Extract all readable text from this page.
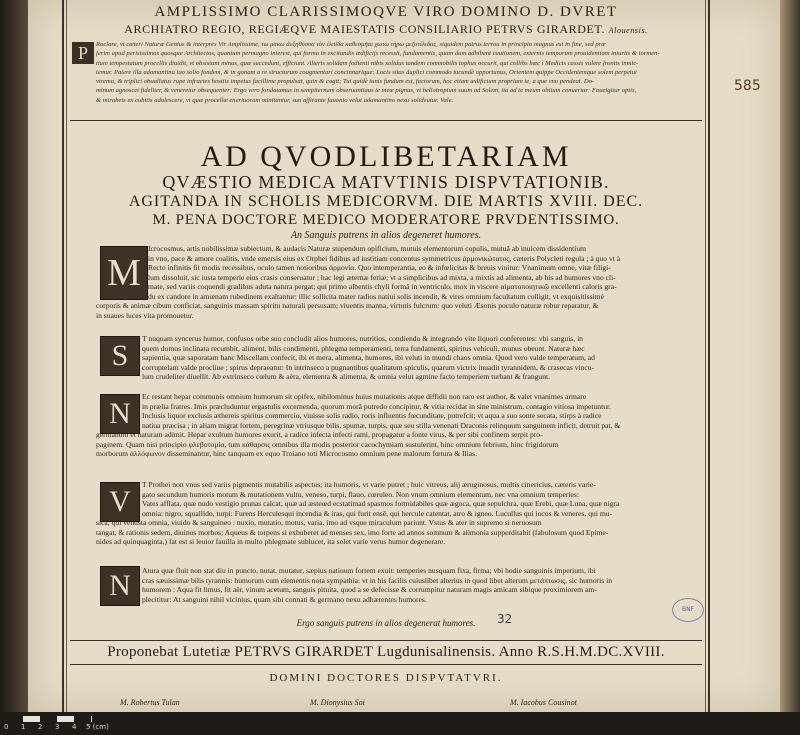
AMPLISSIMO CLARISSIMOQVE VIRO DOMINO D. DVRET
ARCHIATRO REGIO, REGIÆQVE MAIESTATIS CONSILIARIO PETRVS GIRARDET. Alouensis.
P	Raclare, vt cæteri Naturæ Genius & interpres Vir Amplissime, τω μακω ἀεξηθύσσα τὸν ἐλπίδα καθεσμῆαι χωτω τὴρω μεζοτέλιδας, siquidem patrus terrou in principio magnus est in fine, sed præ
ferim apud perisissimos quosque Architectos, quantum permagno interest, qui forma in excitandis ædificijs recessit, fundamentis, quam dum adhibent cautionem, externis temporum prouidentiam iniuriis & tormen-
tium tempestatum procellis diuidit, vt obsistant minus, quæ succedunt, efficiunt. Alteris solidam fodienti nibis solidus tandem commobilis tophus occurit, qui collibs hæc ì Medicis cassis vulere frontis inmic-
temur. Patere illa adamantina tuo solio fondem, & in gonam a re structurum coagmentari concinnarique: Locis sitas duplici commodo iucundè opportunus, Orientem quippe Occidentemque solem perpetui
vtremo, & triplici obuallatus rupe infractes hostiis impetus facillime propulsat, quin & cogit; Tui quidè iunis fundum est, factorum, hoc etiam ædificium propriam te, a que vno pendeat. Do-
minum agnoscet fideliter, & veneretur obsequenter: Ergo vero fondatamus in sempiternam obseruantiaus te meæ pignus, vt heliotropium suum ad Solem, ita ad te meum obitum conuertar: Faueigitur optis,
& mirabeis ex cubitis adolescere, vt quæ procellæ eneriuoram minitantur, suo affirante fauonio velut adamantino nexu solideutur. Vale.
585
AD QVODLIBETARIAM
QVÆSTIO MEDICA MATVTINIS DISPVTATIONIB.
AGITANDA IN SCHOLIS MEDICORVM. DIE MARTIS XVIII. DEC.
M. PENA DOCTORE MEDICO MODERATORE PRVDENTISSIMO.
An Sanguis putrens in alios degeneret humores.
M
Icrocosmus, artis nobilissimæ subiectum, & audacis Naturæ stupendum opificium, mutuis elementorum copulis, mutuâ ab inuicem dissidentium
in vno, pace & amore coalitis, vnde emersis eius ex Orphei fidibus ad iustitiam concentus symmetricus ἁρμονικώτατος, cæteris Polycleti regula ; à quo vt à
Recto infinitis fit modis recessibus, oculo tamen notioribus ἀρμονία. Quo intemperantia, eo & infœlicitas & breuis viuitur: Vnanimum omne, vitæ filigi-
lum dissoluit, sic iusta temperie eius crasis conseruatur ; hac legi æternæ feriæ; vt a simplicibus ad mixta, a mixtis ad alimenta, ab his ad humores vno cli-
mate, sed variis coquendi gradibus aduta natura pergat; qui primo albentis chyli formâ in ventriculo, mox in viscere αἱματοποιητικῷ excellenti caloris gra-
du ex candore in amœnam rubedinem exaltantur: illic sollicita mater radios natiui solis incendit, & vires omnium facultatum colligit, vt exquisitissimè
corporis & animæ cibum conficiat, sanguinis massam spiritu naturali persusam; viuentis manna, virtutis fulcrum: quo veluti Æsonis poculo naturæ robur reparatur, &
in suaues luces vita promouetur.
S
T nuquam syncerus humor, confusos orbe suo concludit alios humores, nutritios, condiendo & integrando vite liquori conferentes: vbi sanguis, in
quem domus inclinata recumbit, aliment, bilis condimenti, phlegma temperamenti, terra fundamenti, spiritus vehiculi, munus obeunt. Naturæ hæc
sapientia, quæ saporatam hanc Miscellam confecit, ibi et mera, alimenta, humores, ibi veluti in mundi chaos omnia. Quod vero valde temperatum, ad
corruptelam valde procliue ; spirus depraeatur: In intrinseco a pugnantibus qualitatum spiculis, quarum victrix inuadit tyrannidem, & crasecas vincu-
lum crudeliter diuellit. Ab extrinseco cœlum & aëra, elementa & alimenta, & omnia velut agmine facto temperiem turbant & frangunt.
N
Ec restant hepar communis omnium humorum sit opifex, nihilominus huius mutationis atque diffidii non raro est author, & valet vnanimes armare
in prælia fratres. Imis præcluduntur ergastulis excernenda, quorum morâ putredo concipitur, & vitia recidat in sine ministrum, contagio vitiosa impetuntur.
Inclusis liquor exclusis æthereis spiritus commercio, viuisse solis radio, roris influentis fœcunditate, putrefcit; vt aqua a suo sonte secata, stirps à radice
natiua præcisa ; in aliam migrat fortem, peregrinæ vtriusque bilis, spumæ, turpis, quæ seu stilla venenati Draconis relinquum sanguinem inficit, detruit pat, &
germanum et naturam adimit. Hepar exultum humores exurit, a radice infecta infecti rami, propagatur a fonte virus, & per sibi confinem serpit pro-
paginem. Quam nisi principio φλεβοτομία, tum κάθαρσις omnibus illa modis posterior cacochymiam sustulerint, hinc omnium febrium, hinc frigidorum
morborum ἀλλόφωνον disseminantur, hinc tanquam ex equo Troiano toti Microcosmo omnium pene malorum fœtura & Ilias.
V
T Prothei non vnus sed variis pigmentis mutabilis aspectus; ita humoris, vt varie putret ; huic vitreus, alij æruginosus, multis cinericius, cæteris varie-
gato secundum humoris motum & mutationem vultu, veneso, turpi, flauo, cœruleo. Non vnum omnium elementum, nec vna omnium temperies:
Vates afflata, quæ nudo vestigio prunas calcat, quæ ad æsteœd ecstatimad spasmos formidabiles quæ ægoca, quæ sepulchra, quæ Erebi, quæ Luna, quæ nigra
omnia: nigro, squallido, turpi: Furens Herculesqui incendia & iras, qui furit ensē, qui hercule catentat, atro & igneo. Lucullus qui iocos & veneres, qui mu-
sica, qui venusta omnia, viuido & sanguineo : nuxio, mutatio, motus, varia, imo ad vsque miraculum pariunt. Vstus & ater in supremo si neruosum
tangat, & rationis sedem, diuinos morbos; Aqueus & torpens si exhuberet ad menses sex, imo forte ad annos somnum & alimonia supperditabit (fabulosum quod Epime-
nides ad quinquaginta,) fat est si leuior fauilla in multo phlegmate sublucet, ita solet varie verus humor degenerare.
N	Atura quæ fluit non stat diu in puncto, nutat, mutatur, sæpius natiuum fortem exuit: temperies nusquam fixa, firma; vbi hodie sanguinis imperium, ibi
cras sæuissimæ bilis tyrannis: humorum cum elementis nota sympathia: vt in his facilis cuiuslibet alterius in quod libet alterum μετάπτωσις, sic humoris in
humorem : Aqua fit limus, fit aër, vinum acetum, sanguis pituita, quod a se defecisse & corrumpitur naturam magis amicam sibique proximiorem am-
plecititur: At sanguini nihil vicinius, quam sibi connati & germano nexu adhærentes humores.
32
BNF
Ergo sanguis putrens in alios degenerat humores.
Proponebat Lutetiæ PETRVS GIRARDET Lugdunisalinensis. Anno R.S.H.M.DC.XVIII.
DOMINI DOCTORES DISPVTATVRI.
M. Robertus Tulan	M. Dionysius Soi	M. Iacobus Cousinot
0 1 2 3 4 5 (cm)
